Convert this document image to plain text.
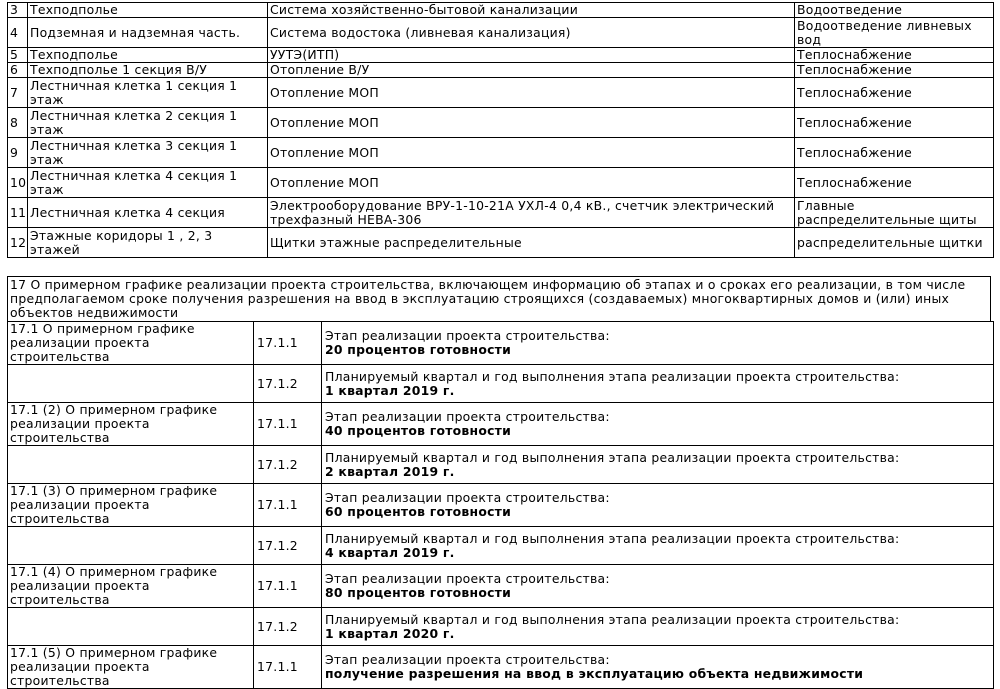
3	Техподполье	Система хозяйственно-бытовой канализации	Водоотведение
4	Подземная и надземная часть.	Система водостока (ливневая канализация)	Водоотведение ливневых вод
5	Техподполье	УУТЭ(ИТП)	Теплоснабжение
6	Техподполье 1 секция В/У	Отопление В/У	Теплоснабжение
7	Лестничная клетка 1 секция 1 этаж	Отопление МОП	Теплоснабжение
8	Лестничная клетка 2 секция 1 этаж	Отопление МОП	Теплоснабжение
9	Лестничная клетка 3 секция 1 этаж	Отопление МОП	Теплоснабжение
10	Лестничная клетка 4 секция 1 этаж	Отопление МОП	Теплоснабжение
11	Лестничная клетка 4 секция	Электрооборудование ВРУ-1-10-21А УХЛ-4 0,4 кВ., счетчик электрический трехфазный НЕВА-306	Главные распределительные щиты
12	Этажные коридоры 1 , 2, 3 этажей	Щитки этажные распределительные	распределительные щитки
17 О примерном графике реализации проекта строительства, включающем информацию об этапах и о сроках его реализации, в том числе предполагаемом сроке получения разрешения на ввод в эксплуатацию строящихся (создаваемых) многоквартирных домов и (или) иных объектов недвижимости
17.1 О примерном графике реализации проекта строительства	17.1.1	Этап реализации проекта строительства:
20 процентов готовности

	17.1.2	Планируемый квартал и год выполнения этапа реализации проекта строительства:
1 квартал 2019 г.

17.1 (2) О примерном графике реализации проекта строительства	17.1.1	Этап реализации проекта строительства:
40 процентов готовности

	17.1.2	Планируемый квартал и год выполнения этапа реализации проекта строительства:
2 квартал 2019 г.

17.1 (3) О примерном графике реализации проекта строительства	17.1.1	Этап реализации проекта строительства:
60 процентов готовности

	17.1.2	Планируемый квартал и год выполнения этапа реализации проекта строительства:
4 квартал 2019 г.

17.1 (4) О примерном графике реализации проекта строительства	17.1.1	Этап реализации проекта строительства:
80 процентов готовности

	17.1.2	Планируемый квартал и год выполнения этапа реализации проекта строительства:
1 квартал 2020 г.

17.1 (5) О примерном графике реализации проекта строительства	17.1.1	Этап реализации проекта строительства:
получение разрешения на ввод в эксплуатацию объекта недвижимости
